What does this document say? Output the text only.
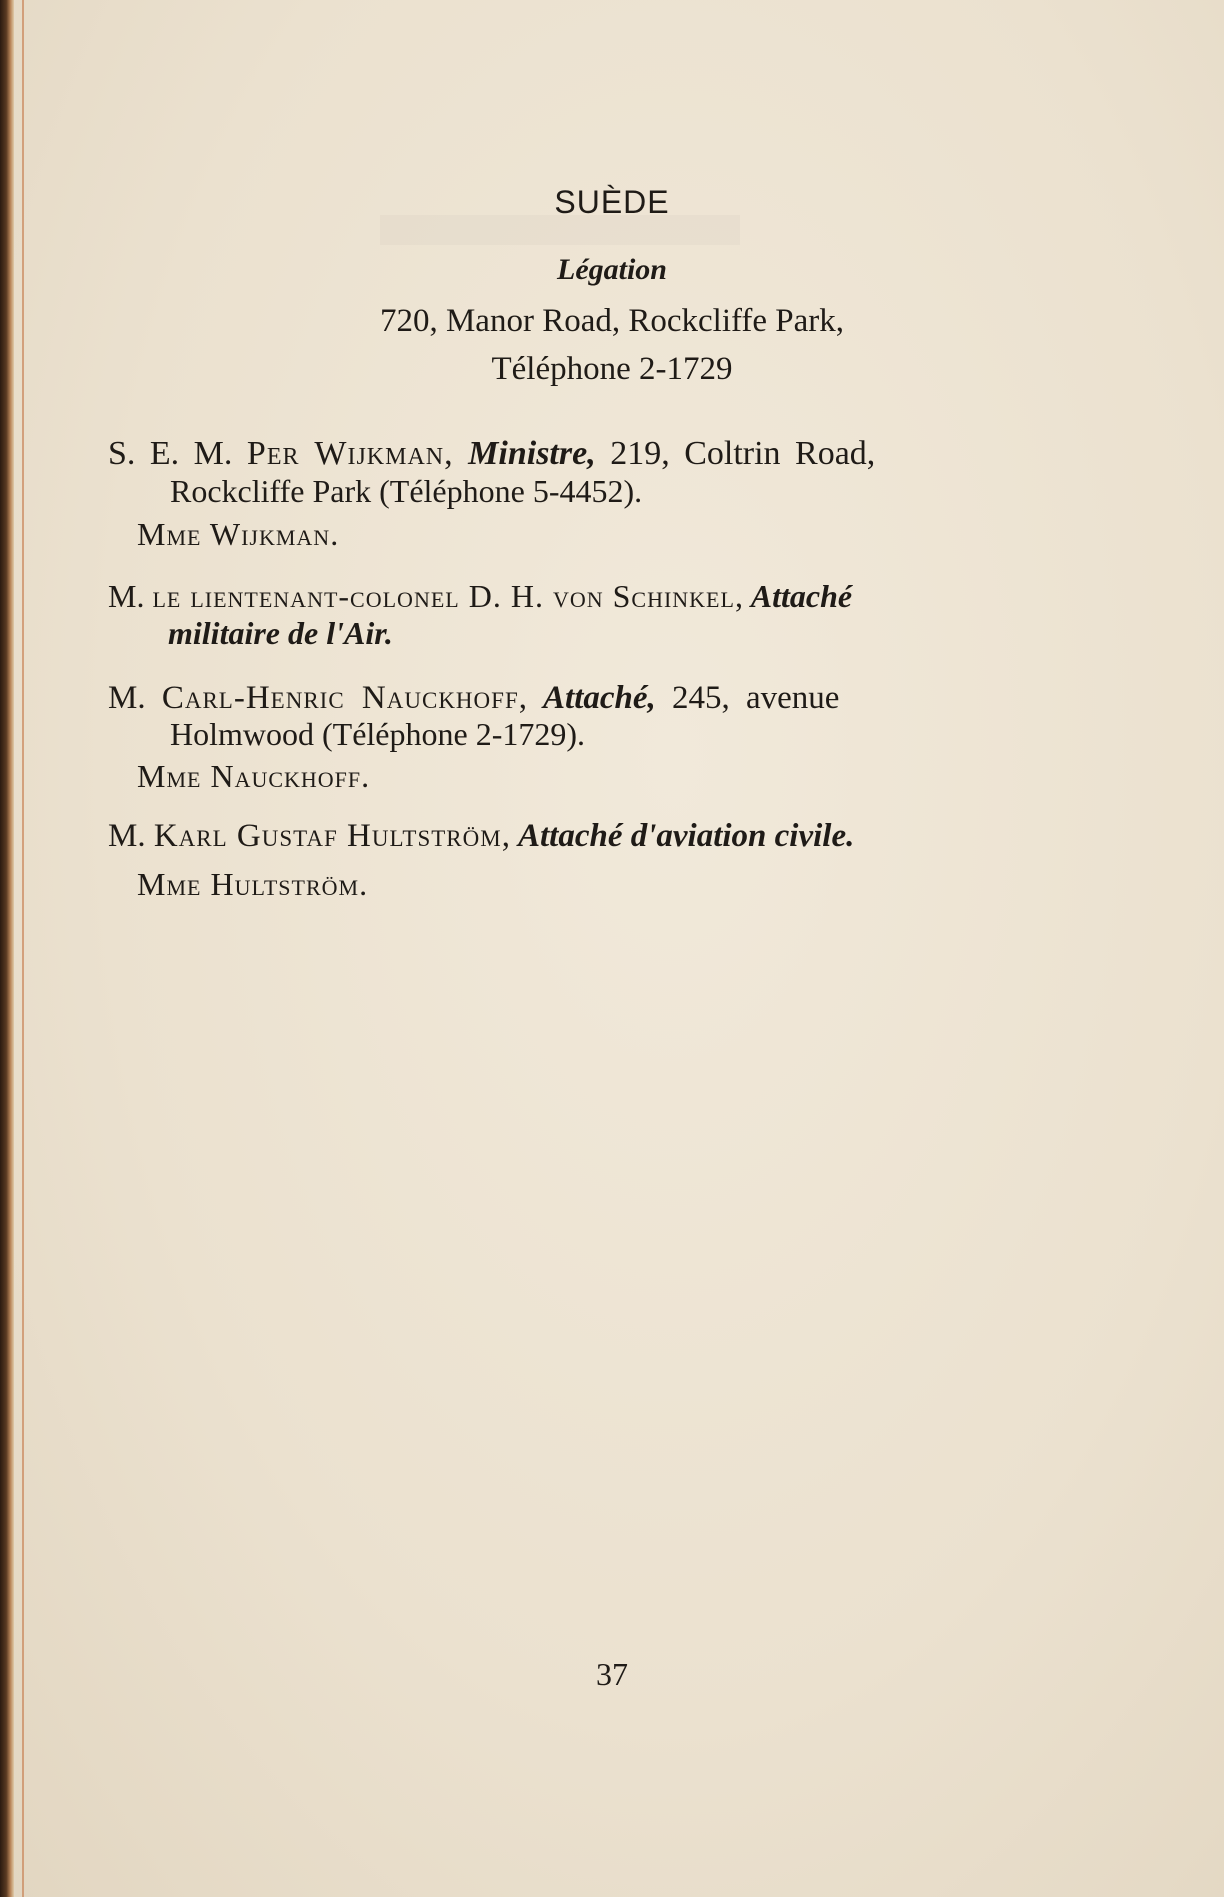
SUÈDE
Légation
720, Manor Road, Rockcliffe Park,
Téléphone 2-1729
S. E. M. Per Wijkman, Ministre, 219, Coltrin Road,
Rockcliffe Park (Téléphone 5-4452).
Mme Wijkman.
M. le lientenant-colonel D. H. von Schinkel, Attaché
militaire de l'Air.
M. Carl-Henric Nauckhoff, Attaché, 245, avenue
Holmwood (Téléphone 2-1729).
Mme Nauckhoff.
M. Karl Gustaf Hultström, Attaché d'aviation civile.
Mme Hultström.
37
